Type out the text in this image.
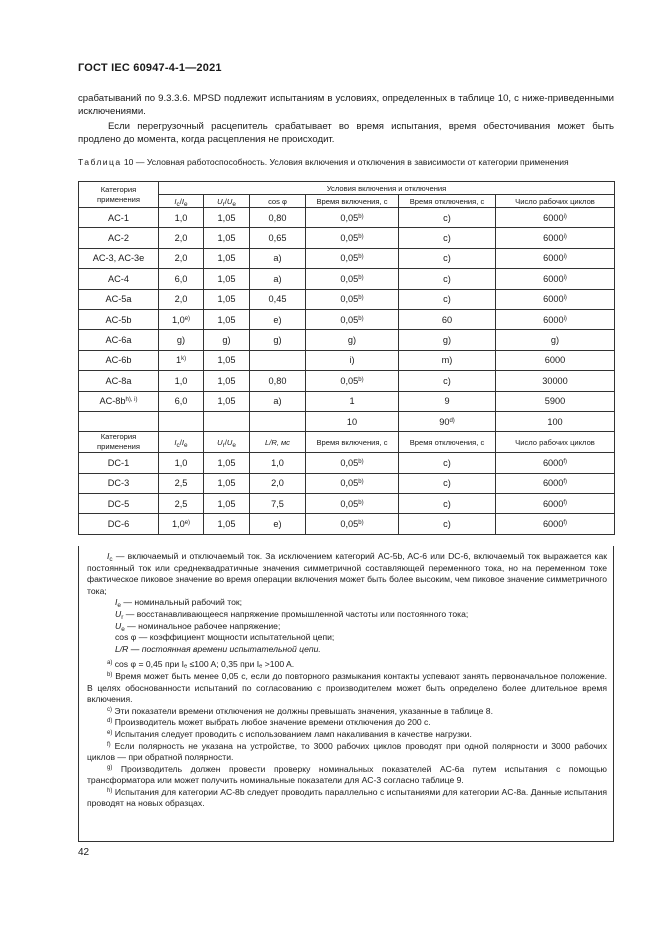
ГОСТ IEC 60947-4-1—2021
срабатываний по 9.3.3.6. MPSD подлежит испытаниям в условиях, определенных в таблице 10, с ниже-приведенными исключениями.
Если перегрузочный расцепитель срабатывает во время испытания, время обесточивания может быть продлено до момента, когда расцепления не происходит.
Таблица 10 — Условная работоспособность. Условия включения и отключения в зависимости от категории применения
Категория применения	Условия включения и отключения					
	$I_c/I_e$	$U_r/U_e$	cos φ	Время включения, с	Время отключения, с	Число рабочих циклов
AC-1	1,0	1,05	0,80	0,05$^{b)}$	c)	6000$^{i)}$
AC-2	2,0	1,05	0,65	0,05$^{b)}$	c)	6000$^{i)}$
AC-3, AC-3e	2,0	1,05	a)	0,05$^{b)}$	c)	6000$^{i)}$
AC-4	6,0	1,05	a)	0,05$^{b)}$	c)	6000$^{i)}$
AC-5a	2,0	1,05	0,45	0,05$^{b)}$	c)	6000$^{i)}$
AC-5b	1,0$^{e)}$	1,05	e)	0,05$^{b)}$	60	6000$^{i)}$
AC-6a	g)	g)	g)	g)	g)	g)
AC-6b	1$^{k)}$	1,05		i)	m)	6000
AC-8a	1,0	1,05	0,80	0,05$^{b)}$	c)	30000
$AC-8b^{h), i)}$	6,0	1,05	a)	1	9	5900
				10	90$^{d)}$	100
Категория применения	$I_c/I_e$	$U_r/U_e$	L/R, мс	Время включения, с	Время отключения, с	Число рабочих циклов
DC-1	1,0	1,05	1,0	0,05$^{b)}$	c)	6000$^{f)}$
DC-3	2,5	1,05	2,0	0,05$^{b)}$	c)	6000$^{f)}$
DC-5	2,5	1,05	7,5	0,05$^{b)}$	c)	6000$^{f)}$
DC-6	1,0$^{e)}$	1,05	e)	0,05$^{b)}$	c)	6000$^{f)}$

$I_c$ — включаемый и отключаемый ток. За исключением категорий AC-5b, AC-6 или DC-6, включаемый ток выражается как постоянный ток или среднеквадратичные значения симметричной составляющей переменного тока, но на переменном токе фактическое пиковое значение во время операции включения может быть более высоким, чем пиковое значение симметричного тока;

$I_e$ — номинальный рабочий ток;

$U_r$ — восстанавливающееся напряжение промышленной частоты или постоянного тока;

$U_e$ — номинальное рабочее напряжение;

cos φ — коэффициент мощности испытательной цепи;

L/R — постоянная времени испытательной цепи.

$^{a)}$ cos φ = 0,45 при Iₑ ≤100 A; 0,35 при Iₑ >100 A.

$^{b)}$ Время может быть менее 0,05 с, если до повторного размыкания контакты успевают занять первоначальное положение. В целях обоснованности испытаний по согласованию с производителем может быть определено более длительное время включения.

$^{c)}$ Эти показатели времени отключения не должны превышать значения, указанные в таблице 8.

$^{d)}$ Производитель может выбрать любое значение времени отключения до 200 с.

$^{e)}$ Испытания следует проводить с использованием ламп накаливания в качестве нагрузки.

$^{f)}$ Если полярность не указана на устройстве, то 3000 рабочих циклов проводят при одной полярности и 3000 рабочих циклов — при обратной полярности.

$^{g)}$ Производитель должен провести проверку номинальных показателей AC-6a путем испытания с помощью трансформатора или может получить номинальные показатели для AC-3 согласно таблице 9.

$^{h)}$ Испытания для категории AC-8b следует проводить параллельно с испытаниями для категории AC-8a. Данные испытания проводят на новых образцах.

42
